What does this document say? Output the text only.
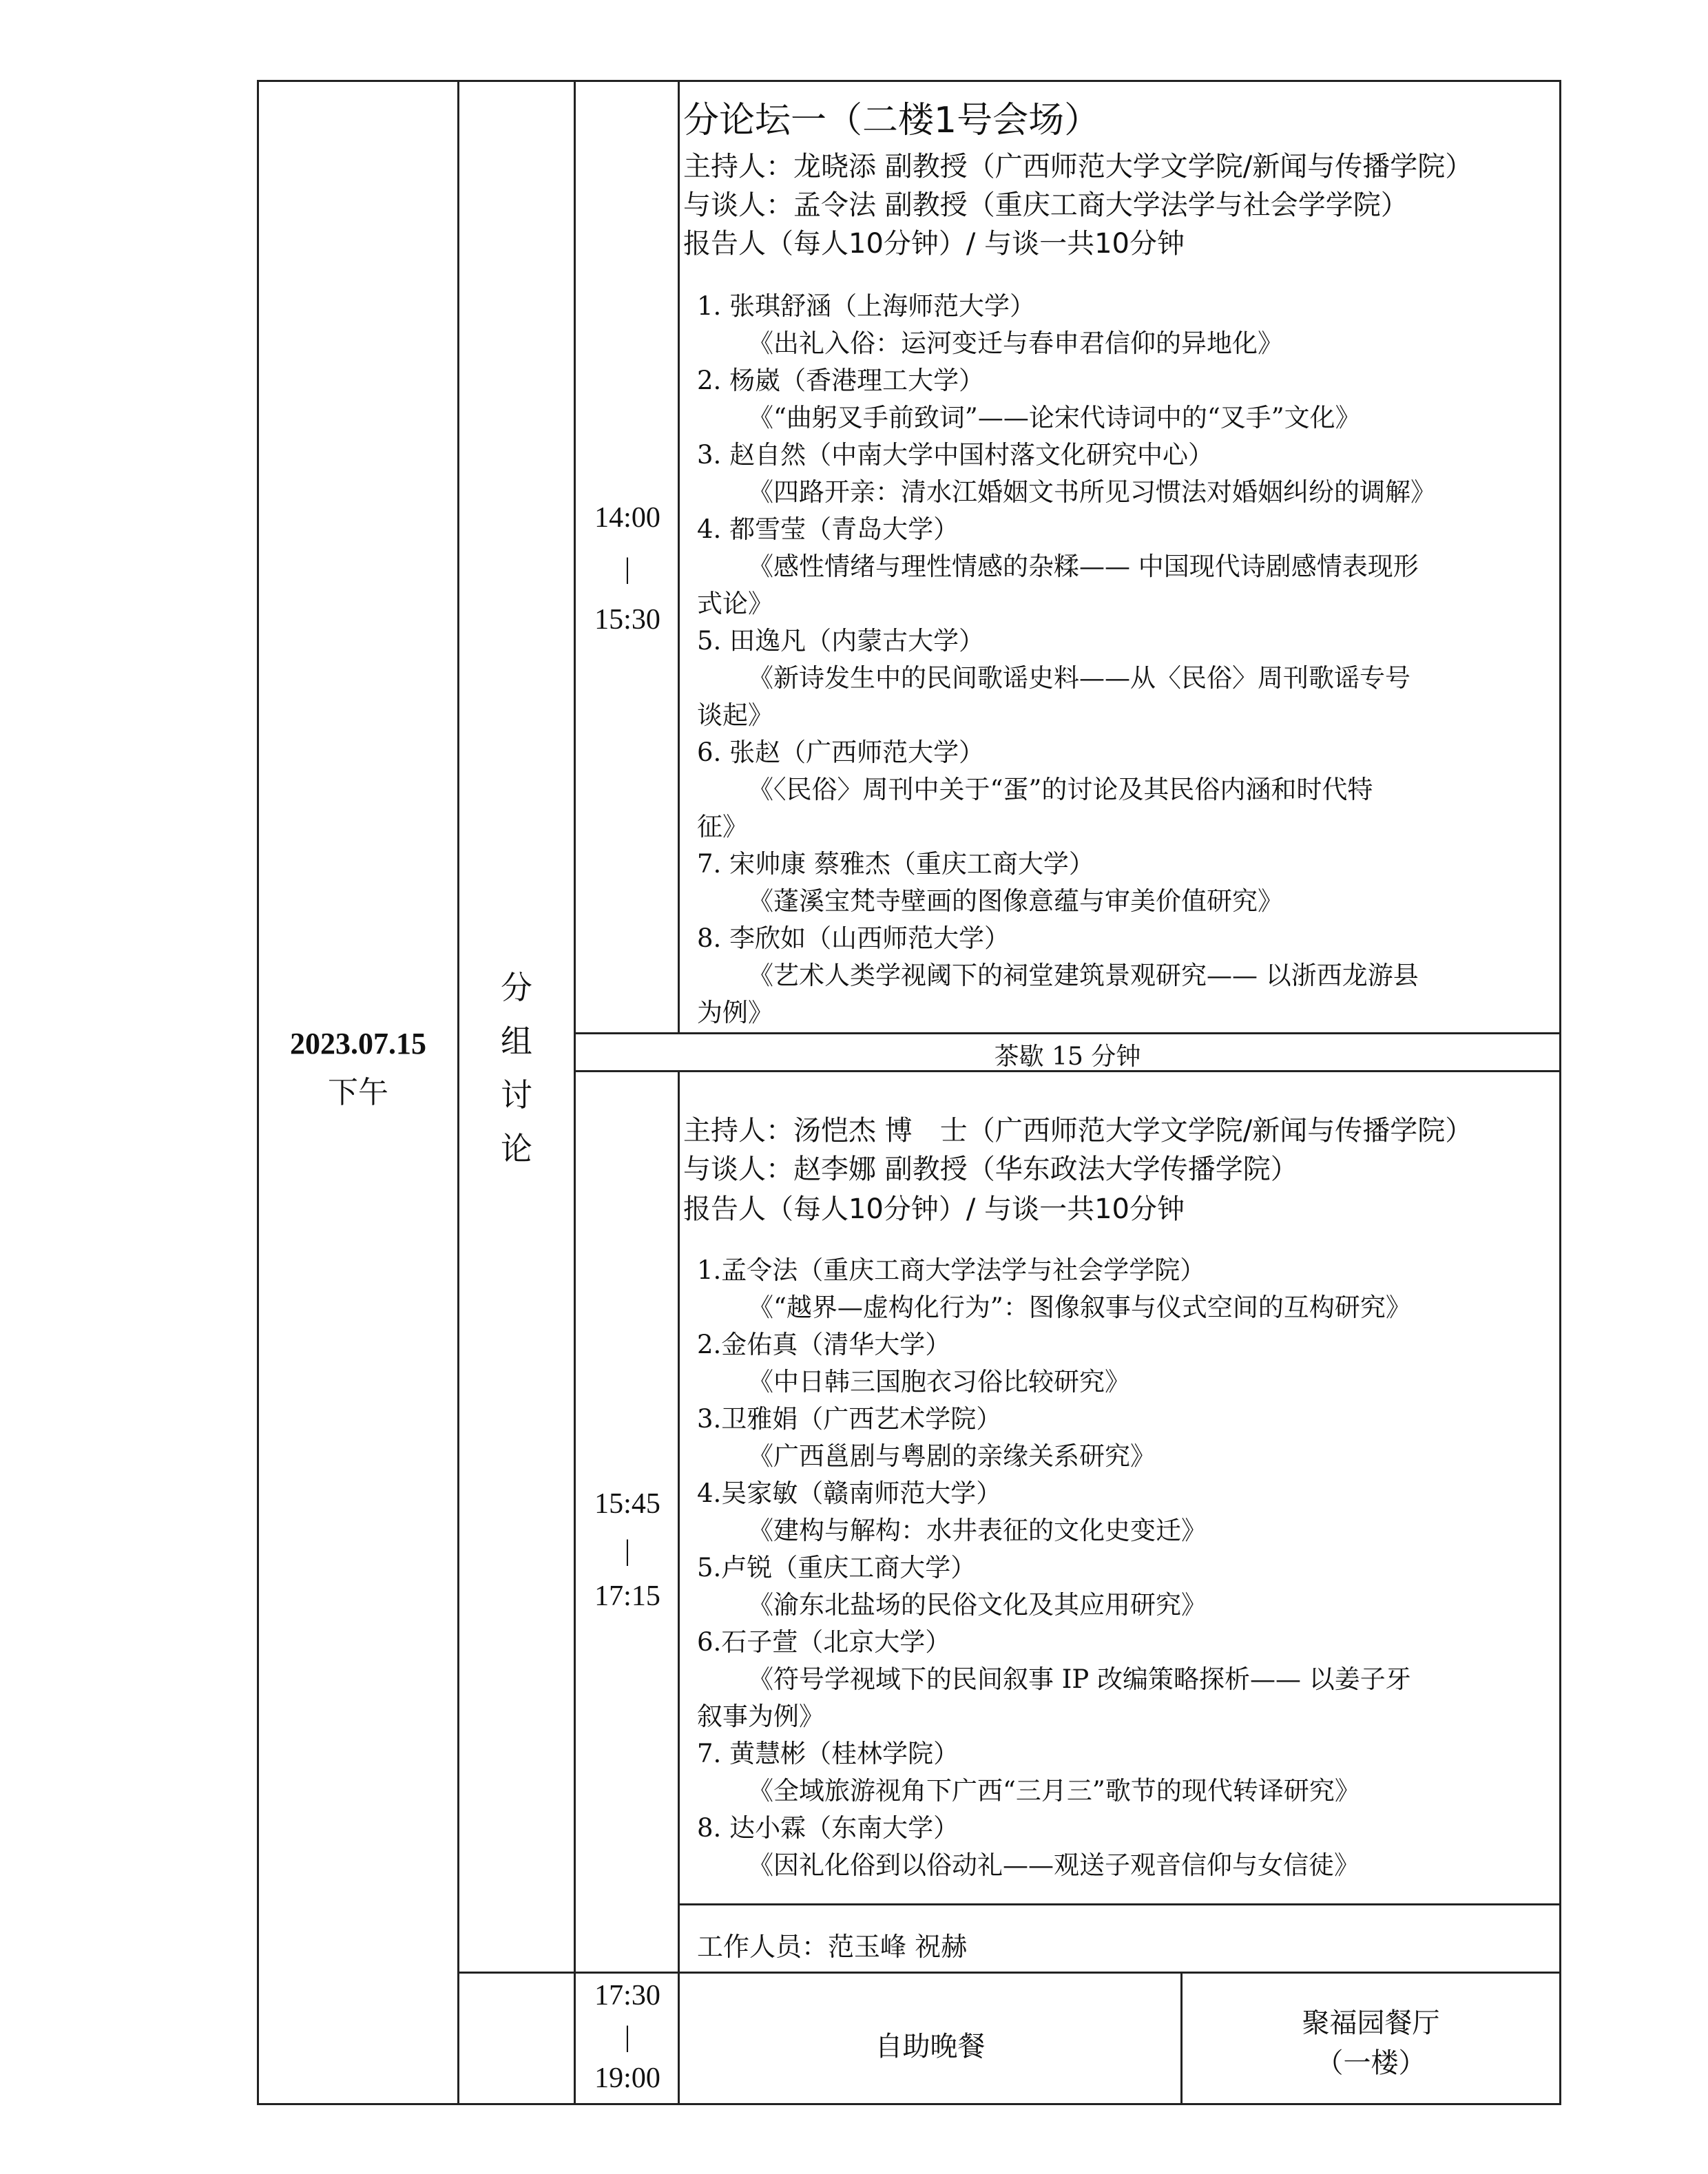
2023.07.15
下午
分
组
讨
论
14:00
|
15:30
分论坛一（二楼1号会场）
主持人：龙晓添 副教授（广西师范大学文学院/新闻与传播学院）
与谈人：孟令法 副教授（重庆工商大学法学与社会学学院）
报告人（每人10分钟）/ 与谈一共10分钟
1. 张琪舒涵（上海师范大学）
《出礼入俗：运河变迁与春申君信仰的异地化》
2. 杨崴（香港理工大学）
《“曲躬叉手前致词”——论宋代诗词中的“叉手”文化》
3. 赵自然（中南大学中国村落文化研究中心）
《四路开亲：清水江婚姻文书所见习惯法对婚姻纠纷的调解》
4. 都雪莹（青岛大学）
《感性情绪与理性情感的杂糅—— 中国现代诗剧感情表现形
式论》
5. 田逸凡（内蒙古大学）
《新诗发生中的民间歌谣史料——从〈民俗〉周刊歌谣专号
谈起》
6. 张赵（广西师范大学）
《〈民俗〉周刊中关于“蛋”的讨论及其民俗内涵和时代特
征》
7. 宋帅康 蔡雅杰（重庆工商大学）
《蓬溪宝梵寺壁画的图像意蕴与审美价值研究》
8. 李欣如（山西师范大学）
《艺术人类学视阈下的祠堂建筑景观研究—— 以浙西龙游县
为例》
茶歇 15 分钟
15:45
|
17:15
主持人：汤恺杰 博　士（广西师范大学文学院/新闻与传播学院）
与谈人：赵李娜 副教授（华东政法大学传播学院）
报告人（每人10分钟）/ 与谈一共10分钟
1.孟令法（重庆工商大学法学与社会学学院）
《“越界—虚构化行为”：图像叙事与仪式空间的互构研究》
2.金佑真（清华大学）
《中日韩三国胞衣习俗比较研究》
3.卫雅娟（广西艺术学院）
《广西邕剧与粤剧的亲缘关系研究》
4.吴家敏（赣南师范大学）
《建构与解构：水井表征的文化史变迁》
5.卢锐（重庆工商大学）
《渝东北盐场的民俗文化及其应用研究》
6.石子萱（北京大学）
《符号学视域下的民间叙事 IP 改编策略探析—— 以姜子牙
叙事为例》
7. 黄慧彬（桂林学院）
《全域旅游视角下广西“三月三”歌节的现代转译研究》
8. 达小霖（东南大学）
《因礼化俗到以俗动礼——观送子观音信仰与女信徒》
工作人员：范玉峰 祝赫
17:30
|
19:00
自助晚餐
聚福园餐厅
（一楼）
